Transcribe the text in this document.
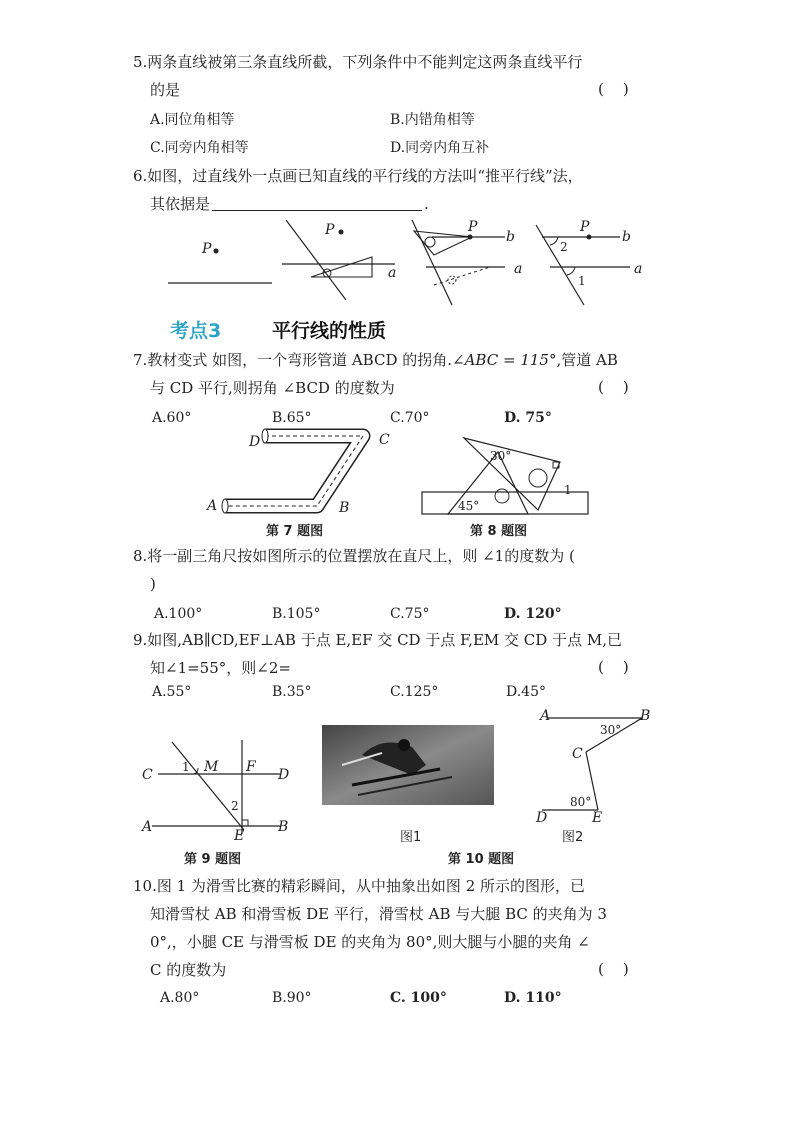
5.两条直线被第三条直线所截，下列条件中不能判定这两条直线平行
的是	(    )
A.同位角相等	B.内错角相等
C.同旁内角相等	D.同旁内角互补
6.如图，过直线外一点画已知直线的平行线的方法叫“推平行线”法，
其依据是	.
P
P
a
P
b
a
P
2
1
b
a
考点3	平行线的性质
7.教材变式 如图，一个弯形管道 ABCD 的拐角.∠ABC = 115°,管道 AB
与 CD 平行,则拐角 ∠BCD 的度数为	(    )
A.60°	B.65°	C.70°	D. 75°
D	C
A	B
第 7 题图
30°
45°
1
第 8 题图
8.将一副三角尺按如图所示的位置摆放在直尺上，则 ∠1的度数为 (
)
A.100°	B.105°	C.75°	D. 120°
9.如图,AB∥CD,EF⊥AB 于点 E,EF 交 CD 于点 F,EM 交 CD 于点 M,已
知∠1=55°，则∠2=	(    )
A.55°	B.35°	C.125°	D.45°
C	D
A	B
M F
E
1
2
第 9 题图
图1
A	B
C
D	E
30°
80°
图2
第 10 题图
10.图 1 为滑雪比赛的精彩瞬间，从中抽象出如图 2 所示的图形，已
知滑雪杖 AB 和滑雪板 DE 平行，滑雪杖 AB 与大腿 BC 的夹角为 3
0°,，小腿 CE 与滑雪板 DE 的夹角为 80°,则大腿与小腿的夹角 ∠
C 的度数为	(    )
A.80°	B.90°	C. 100°	D. 110°
